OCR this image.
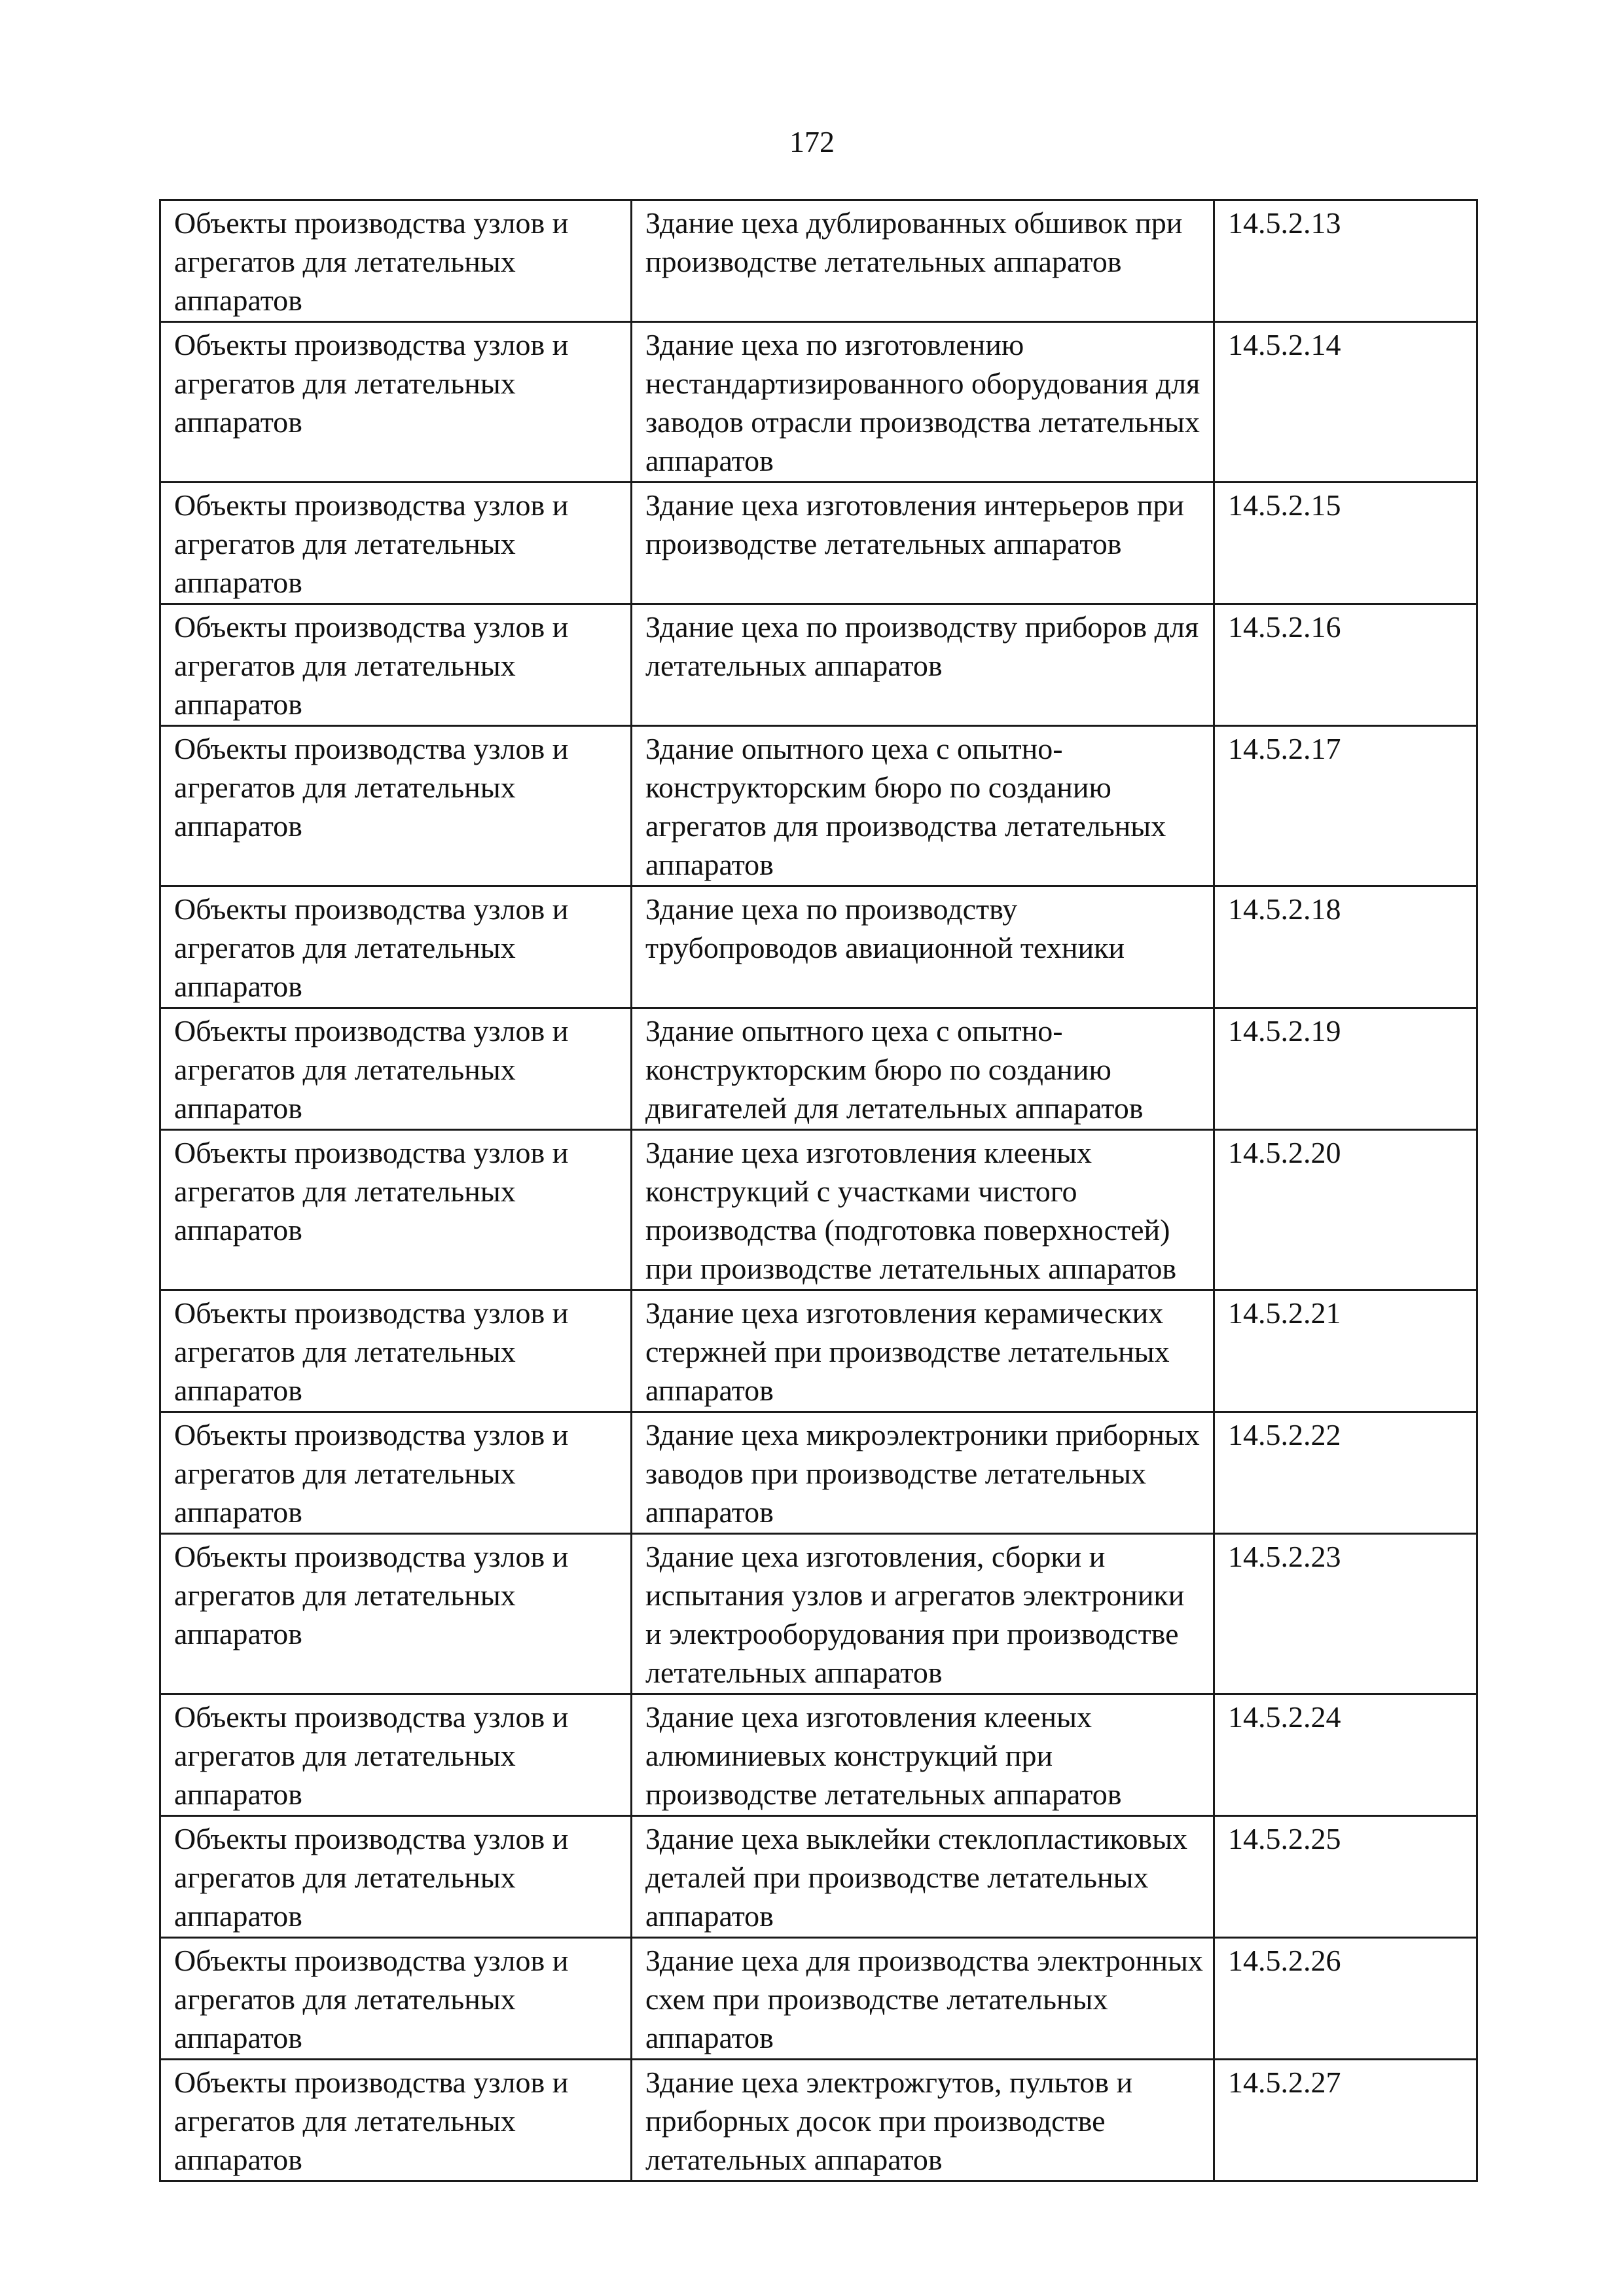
172
Объекты производства узлов и агрегатов для летательных аппаратов	Здание цеха дублированных обшивок при производстве летательных аппаратов	14.5.2.13
Объекты производства узлов и агрегатов для летательных аппаратов	Здание цеха по изготовлению нестандартизированного оборудования для заводов отрасли производства летательных аппаратов	14.5.2.14
Объекты производства узлов и агрегатов для летательных аппаратов	Здание цеха изготовления интерьеров при производстве летательных аппаратов	14.5.2.15
Объекты производства узлов и агрегатов для летательных аппаратов	Здание цеха по производству приборов для летательных аппаратов	14.5.2.16
Объекты производства узлов и агрегатов для летательных аппаратов	Здание опытного цеха с опытно-конструкторским бюро по созданию агрегатов для производства летательных аппаратов	14.5.2.17
Объекты производства узлов и агрегатов для летательных аппаратов	Здание цеха по производству трубопроводов авиационной техники	14.5.2.18
Объекты производства узлов и агрегатов для летательных аппаратов	Здание опытного цеха с опытно-конструкторским бюро по созданию двигателей для летательных аппаратов	14.5.2.19
Объекты производства узлов и агрегатов для летательных аппаратов	Здание цеха изготовления клееных конструкций с участками чистого производства (подготовка поверхностей) при производстве летательных аппаратов	14.5.2.20
Объекты производства узлов и агрегатов для летательных аппаратов	Здание цеха изготовления керамических стержней при производстве летательных аппаратов	14.5.2.21
Объекты производства узлов и агрегатов для летательных аппаратов	Здание цеха микроэлектроники приборных заводов при производстве летательных аппаратов	14.5.2.22
Объекты производства узлов и агрегатов для летательных аппаратов	Здание цеха изготовления, сборки и испытания узлов и агрегатов электроники и электрооборудования при производстве летательных аппаратов	14.5.2.23
Объекты производства узлов и агрегатов для летательных аппаратов	Здание цеха изготовления клееных алюминиевых конструкций при производстве летательных аппаратов	14.5.2.24
Объекты производства узлов и агрегатов для летательных аппаратов	Здание цеха выклейки стеклопластиковых деталей при производстве летательных аппаратов	14.5.2.25
Объекты производства узлов и агрегатов для летательных аппаратов	Здание цеха для производства электронных схем при производстве летательных аппаратов	14.5.2.26
Объекты производства узлов и агрегатов для летательных аппаратов	Здание цеха электрожгутов, пультов и приборных досок при производстве летательных аппаратов	14.5.2.27
